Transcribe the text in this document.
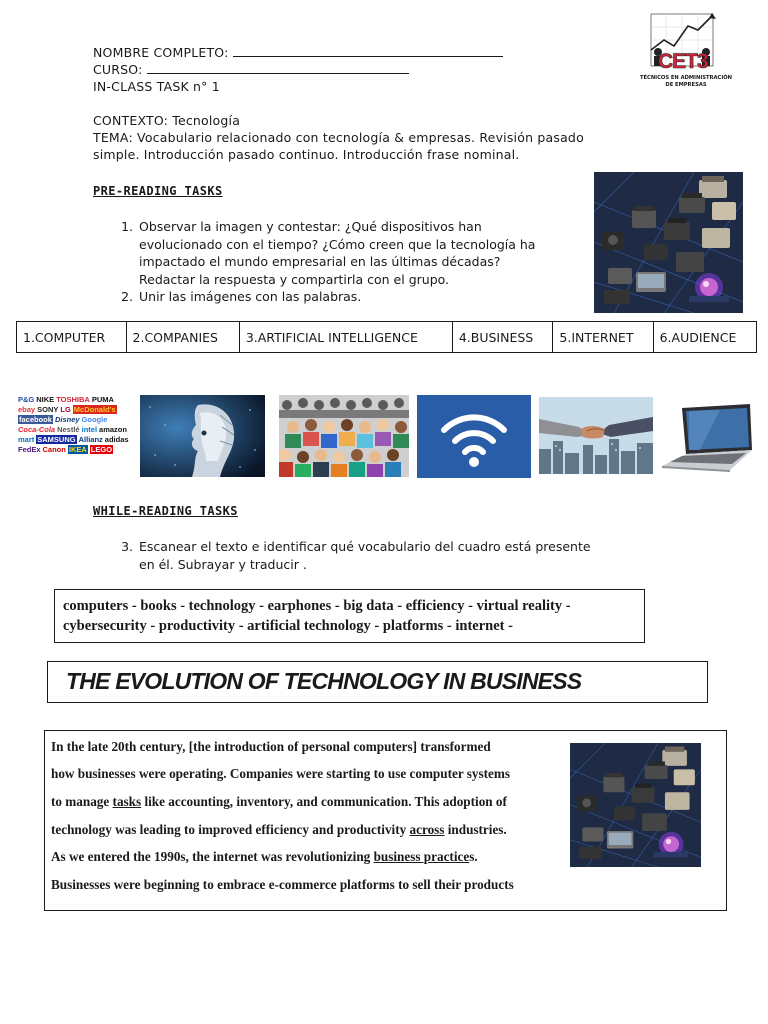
NOMBRE COMPLETO:
CURSO:
IN-CLASS TASK n° 1
CONTEXTO: Tecnología
TEMA: Vocabulario relacionado con tecnología & empresas. Revisión pasado
simple. Introducción pasado continuo. Introducción frase nominal.
CET3
TÉCNICOS EN ADMINISTRACIÓN
DE EMPRESAS
PRE-READING TASKS
1. Observar la imagen y contestar: ¿Qué dispositivos han
evolucionado con el tiempo? ¿Cómo creen que la tecnología ha
impactado el mundo empresarial en las últimas décadas?
Redactar la respuesta y compartirla con el grupo.
2. Unir las imágenes con las palabras.
1.COMPUTER	2.COMPANIES	3.ARTIFICIAL INTELLIGENCE	4.BUSINESS	5.INTERNET	6.AUDIENCE
P&G NIKE TOSHIBA PUMA
ebay SONY LG McDonald's
facebook Disney Google
Coca-Cola Nestlé intel amazon
mart SAMSUNG Allianz adidas
FedEx Canon IKEA LEGO
WHILE-READING TASKS
3. Escanear el texto e identificar qué vocabulario del cuadro está presente
en él. Subrayar y traducir .
computers - books - technology - earphones - big data - efficiency - virtual reality -
cybersecurity - productivity - artificial technology - platforms - internet -
THE EVOLUTION OF TECHNOLOGY IN BUSINESS
In the late 20th century, [the introduction of personal computers] transformed
how businesses were operating. Companies were starting to use computer systems
to manage tasks like accounting, inventory, and communication. This adoption of
technology was leading to improved efficiency and productivity across industries.
As we entered the 1990s, the internet was revolutionizing business practices.
Businesses were beginning to embrace e-commerce platforms to sell their products
